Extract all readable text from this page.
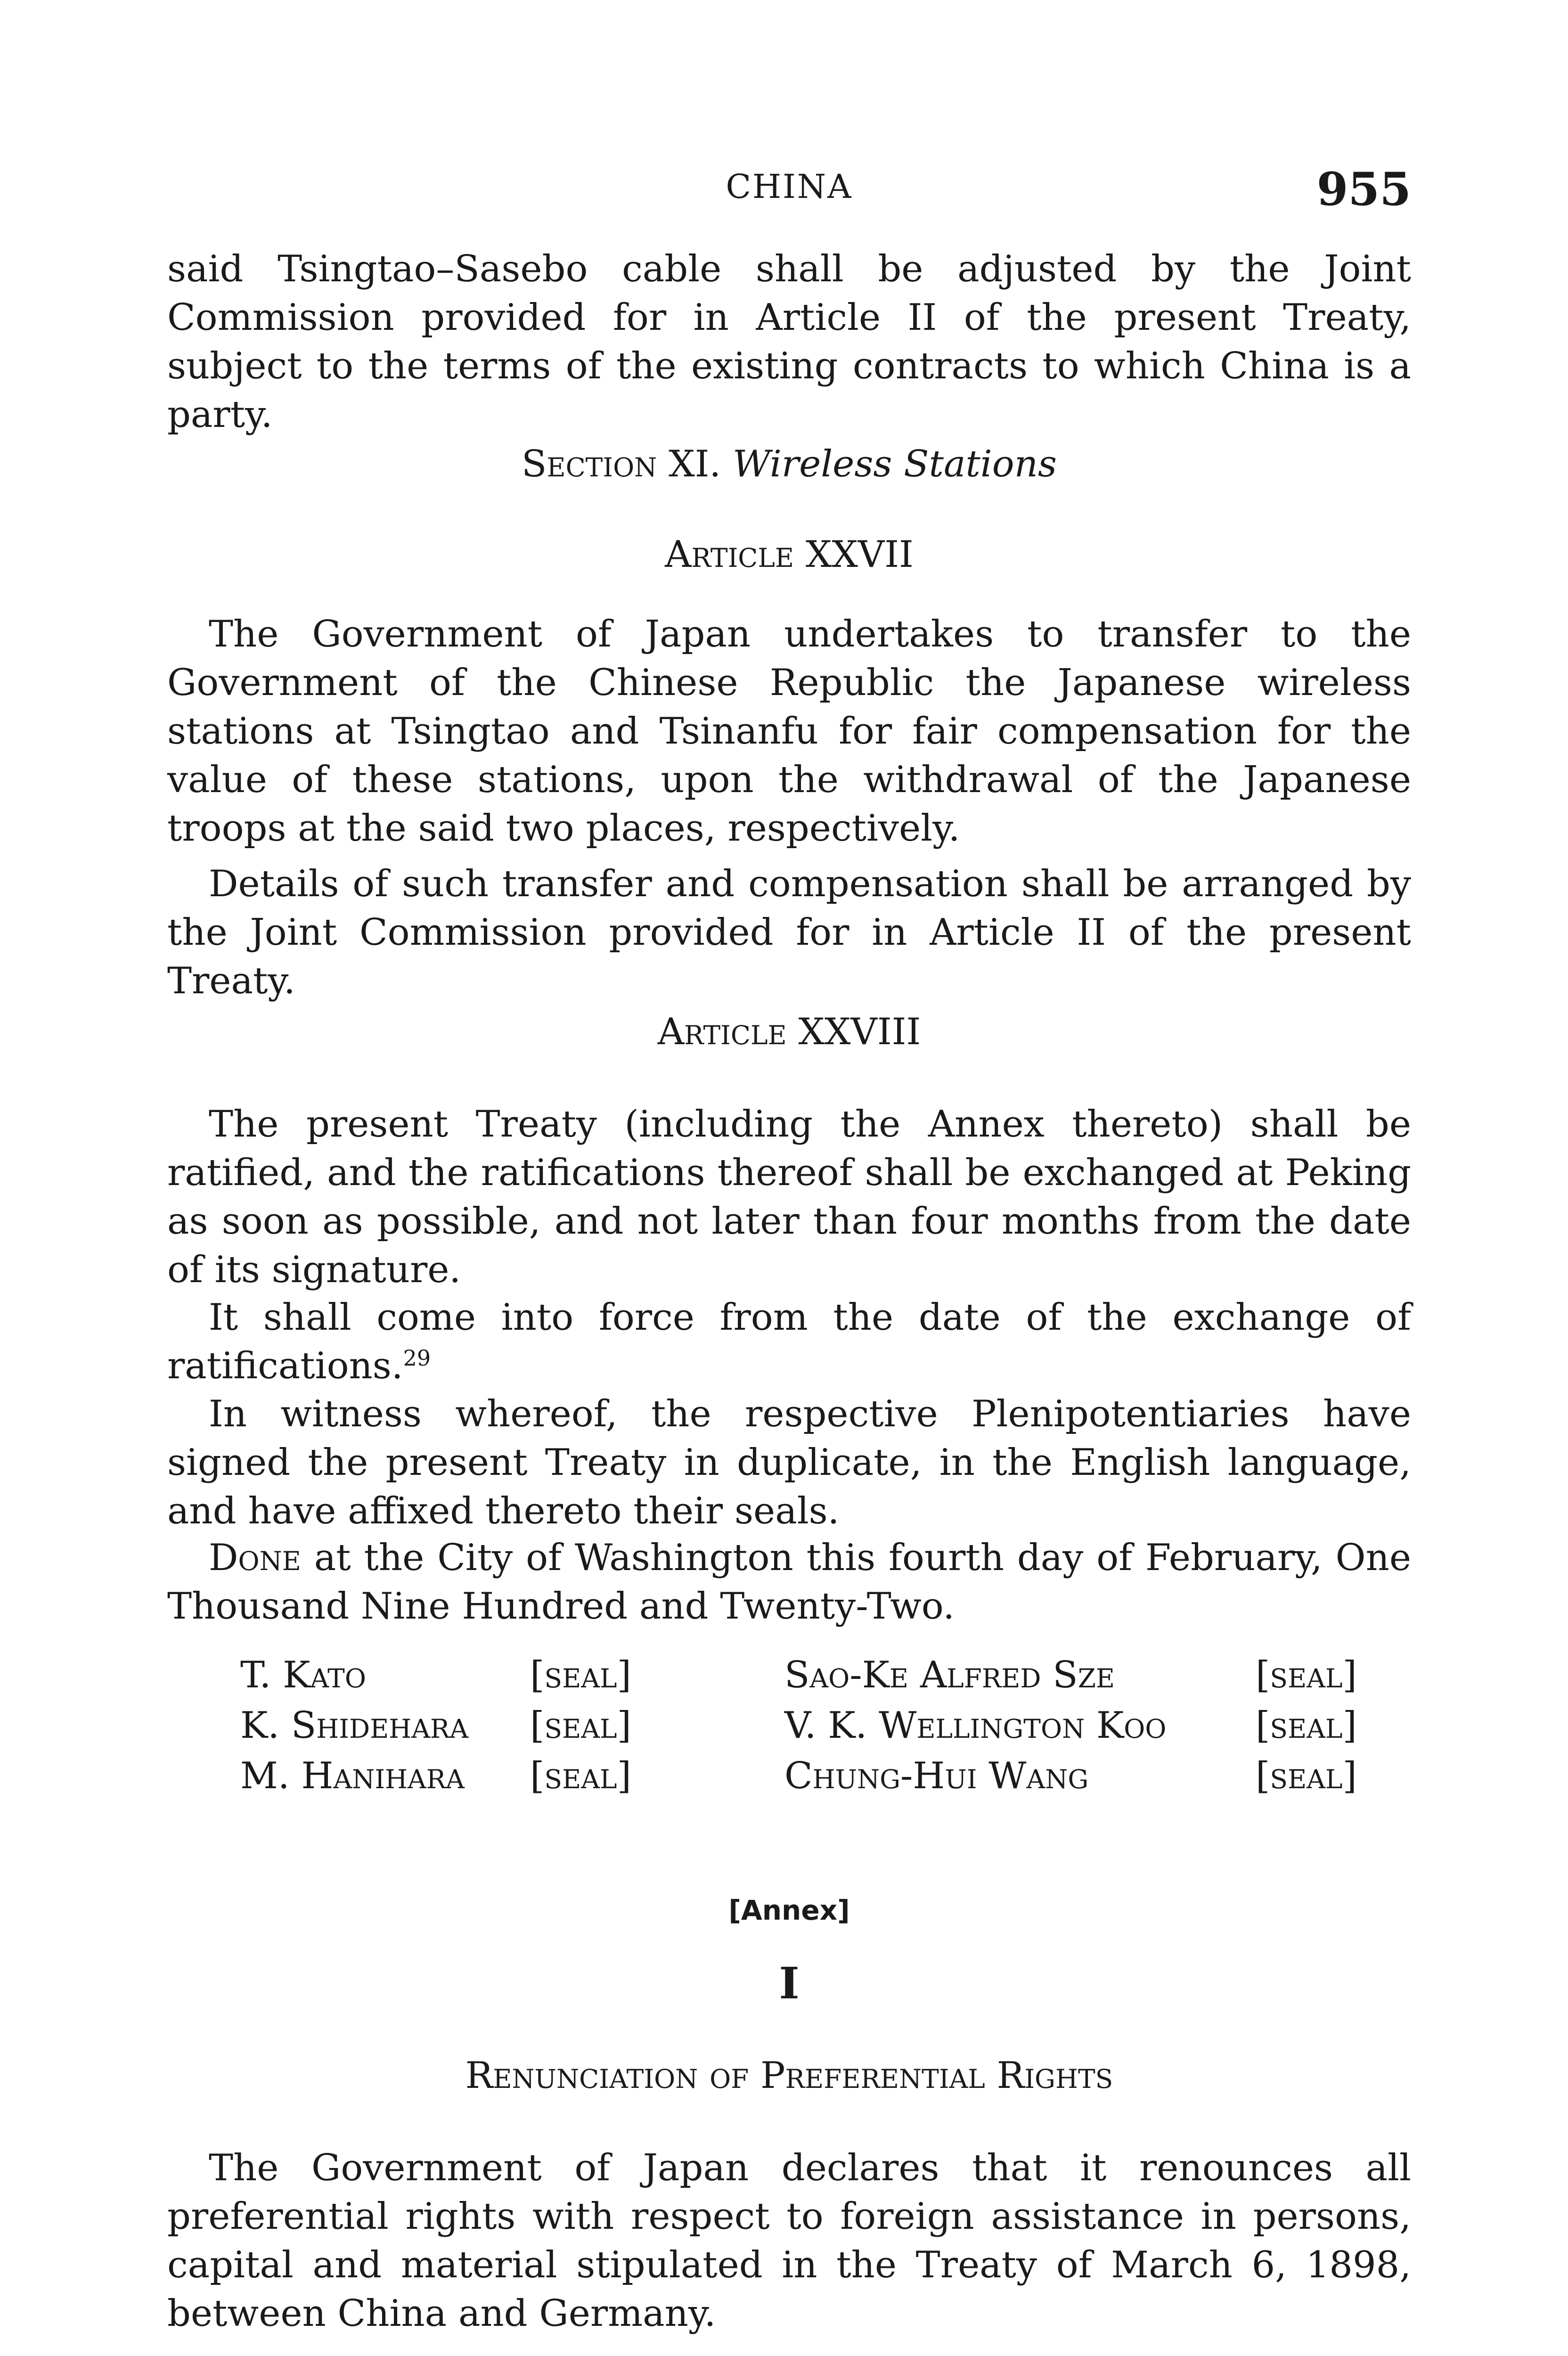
CHINA	955

said Tsingtao–Sasebo cable shall be adjusted by the Joint Commission provided for in Article II of the present Treaty, subject to the terms of the existing contracts to which China is a party.

Section XI. Wireless Stations

Article XXVII

The Government of Japan undertakes to transfer to the Government of the Chinese Republic the Japanese wireless stations at Tsingtao and Tsinanfu for fair compensation for the value of these stations, upon the withdrawal of the Japanese troops at the said two places, respectively.

Details of such transfer and compensation shall be arranged by the Joint Commission provided for in Article II of the present Treaty.

Article XXVIII

The present Treaty (including the Annex thereto) shall be ratified, and the ratifications thereof shall be exchanged at Peking as soon as possible, and not later than four months from the date of its signature.

It shall come into force from the date of the exchange of ratifications.$^{29}$

In witness whereof, the respective Plenipotentiaries have signed the present Treaty in duplicate, in the English language, and have affixed thereto their seals.

Done at the City of Washington this fourth day of February, One Thousand Nine Hundred and Twenty-Two.

T. Kato	[seal]	Sao-Ke Alfred Sze	[seal]
K. Shidehara	[seal]	V. K. Wellington Koo	[seal]
M. Hanihara	[seal]	Chung-Hui Wang	[seal]

[Annex]

I

Renunciation of Preferential Rights

The Government of Japan declares that it renounces all preferential rights with respect to foreign assistance in persons, capital and material stipulated in the Treaty of March 6, 1898, between China and Germany.
